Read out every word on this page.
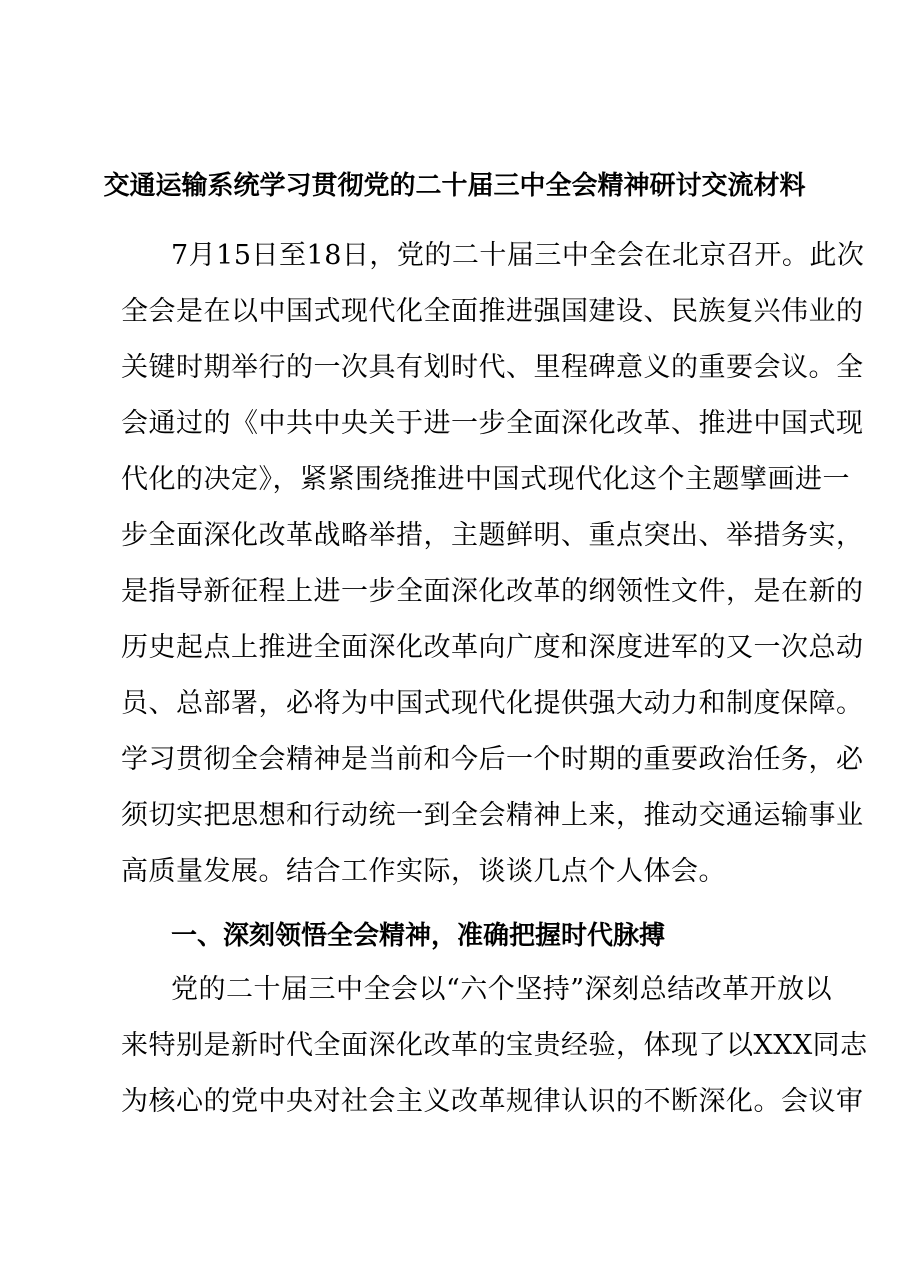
交通运输系统学习贯彻党的二十届三中全会精神研讨交流材料
7月15日至18日，党的二十届三中全会在北京召开。此次
全会是在以中国式现代化全面推进强国建设、民族复兴伟业的
关键时期举行的一次具有划时代、里程碑意义的重要会议。全
会通过的《中共中央关于进一步全面深化改革、推进中国式现
代化的决定》，紧紧围绕推进中国式现代化这个主题擘画进一
步全面深化改革战略举措，主题鲜明、重点突出、举措务实，
是指导新征程上进一步全面深化改革的纲领性文件，是在新的
历史起点上推进全面深化改革向广度和深度进军的又一次总动
员、总部署，必将为中国式现代化提供强大动力和制度保障。
学习贯彻全会精神是当前和今后一个时期的重要政治任务，必
须切实把思想和行动统一到全会精神上来，推动交通运输事业
高质量发展。结合工作实际，谈谈几点个人体会。
一、深刻领悟全会精神，准确把握时代脉搏
党的二十届三中全会以“六个坚持”深刻总结改革开放以
来特别是新时代全面深化改革的宝贵经验，体现了以XXX同志
为核心的党中央对社会主义改革规律认识的不断深化。会议审
